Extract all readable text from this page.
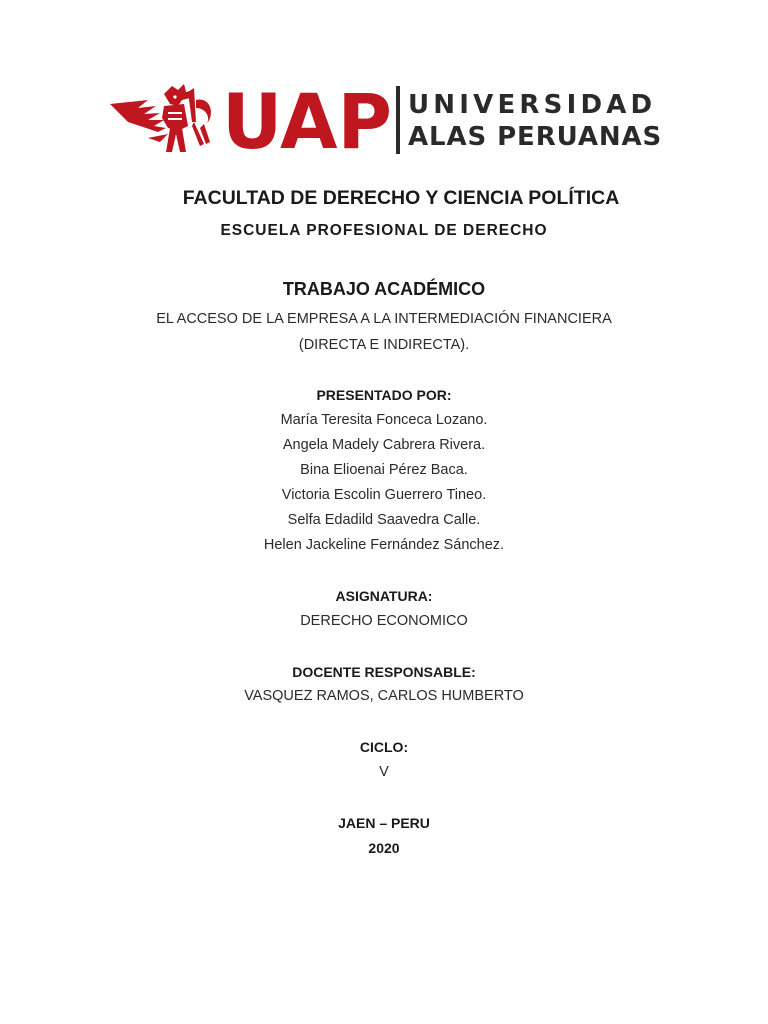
UAP UNIVERSIDAD
ALAS PERUANAS
FACULTAD DE DERECHO Y CIENCIA POLÍTICA
ESCUELA PROFESIONAL DE DERECHO
TRABAJO ACADÉMICO
EL ACCESO DE LA EMPRESA A LA INTERMEDIACIÓN FINANCIERA
(DIRECTA E INDIRECTA).
PRESENTADO POR:
María Teresita Fonceca Lozano.
Angela Madely Cabrera Rivera.
Bina Elioenai Pérez Baca.
Victoria Escolin Guerrero Tineo.
Selfa Edadild Saavedra Calle.
Helen Jackeline Fernández Sánchez.
ASIGNATURA:
DERECHO ECONOMICO
DOCENTE RESPONSABLE:
VASQUEZ RAMOS, CARLOS HUMBERTO
CICLO:
V
JAEN – PERU
2020
